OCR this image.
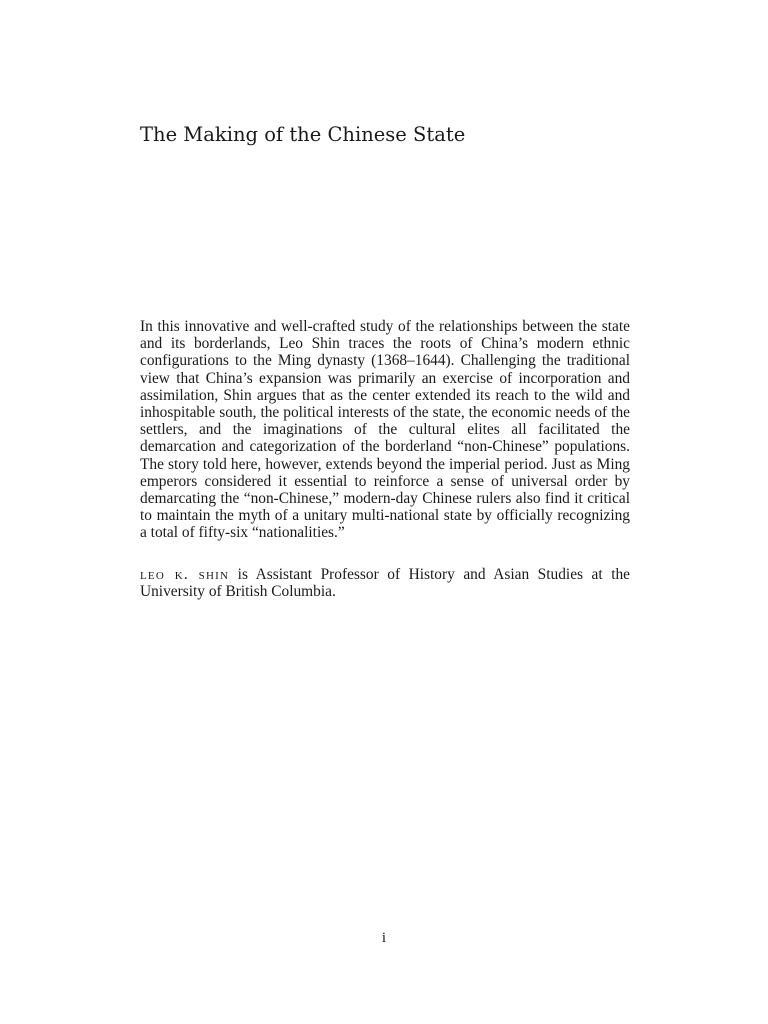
The Making of the Chinese State

In this innovative and well-crafted study of the relationships between the state and its borderlands, Leo Shin traces the roots of China’s modern ethnic configurations to the Ming dynasty (1368–1644). Challenging the traditional view that China’s expansion was primarily an exercise of incorporation and assimilation, Shin argues that as the center extended its reach to the wild and inhospitable south, the political interests of the state, the economic needs of the settlers, and the imaginations of the cultural elites all facilitated the demarcation and categorization of the borderland “non-Chinese” populations. The story told here, however, extends beyond the imperial period. Just as Ming emperors considered it essential to reinforce a sense of universal order by demarcating the “non-Chinese,” modern-day Chinese rulers also find it critical to maintain the myth of a unitary multi-national state by officially recognizing a total of fifty-six “nationalities.”

leo k. shin is Assistant Professor of History and Asian Studies at the University of British Columbia.

i
